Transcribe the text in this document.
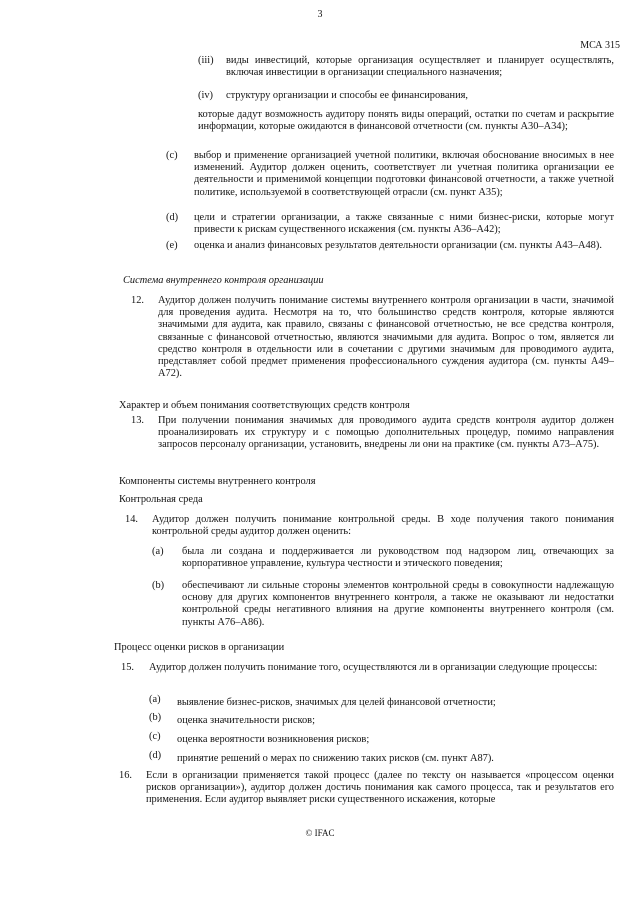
3
МСА 315
(iii) виды инвестиций, которые организация осуществляет и планирует осуществлять, включая инвестиции в организации специального назначения;
(iv) структуру организации и способы ее финансирования,
которые дадут возможность аудитору понять виды операций, остатки по счетам и раскрытие информации, которые ожидаются в финансовой отчетности (см. пункты А30–А34);
(c) выбор и применение организацией учетной политики, включая обоснование вносимых в нее изменений. Аудитор должен оценить, соответствует ли учетная политика организации ее деятельности и применимой концепции подготовки финансовой отчетности, а также учетной политике, используемой в соответствующей отрасли (см. пункт А35);
(d) цели и стратегии организации, а также связанные с ними бизнес-риски, которые могут привести к рискам существенного искажения (см. пункты А36–А42);
(e) оценка и анализ финансовых результатов деятельности организации (см. пункты А43–А48).
Система внутреннего контроля организации
12. Аудитор должен получить понимание системы внутреннего контроля организации в части, значимой для проведения аудита. Несмотря на то, что большинство средств контроля, которые являются значимыми для аудита, как правило, связаны с финансовой отчетностью, не все средства контроля, связанные с финансовой отчетностью, являются значимыми для аудита. Вопрос о том, является ли средство контроля в отдельности или в сочетании с другими значимым для проводимого аудита, представляет собой предмет применения профессионального суждения аудитора (см. пункты А49–А72).
Характер и объем понимания соответствующих средств контроля
13. При получении понимания значимых для проводимого аудита средств контроля аудитор должен проанализировать их структуру и с помощью дополнительных процедур, помимо направления запросов персоналу организации, установить, внедрены ли они на практике (см. пункты А73–А75).
Компоненты системы внутреннего контроля
Контрольная среда
14. Аудитор должен получить понимание контрольной среды. В ходе получения такого понимания контрольной среды аудитор должен оценить:
(a) была ли создана и поддерживается ли руководством под надзором лиц, отвечающих за корпоративное управление, культура честности и этического поведения;
(b) обеспечивают ли сильные стороны элементов контрольной среды в совокупности надлежащую основу для других компонентов внутреннего контроля, а также не оказывают ли недостатки контрольной среды негативного влияния на другие компоненты внутреннего контроля (см. пункты А76–А86).
Процесс оценки рисков в организации
15. Аудитор должен получить понимание того, осуществляются ли в организации следующие процессы:
(a) выявление бизнес-рисков, значимых для целей финансовой отчетности;
(b) оценка значительности рисков;
(c) оценка вероятности возникновения рисков;
(d) принятие решений о мерах по снижению таких рисков (см. пункт А87).
16. Если в организации применяется такой процесс (далее по тексту он называется «процессом оценки рисков организации»), аудитор должен достичь понимания как самого процесса, так и результатов его применения. Если аудитор выявляет риски существенного искажения, которые
© IFAC
